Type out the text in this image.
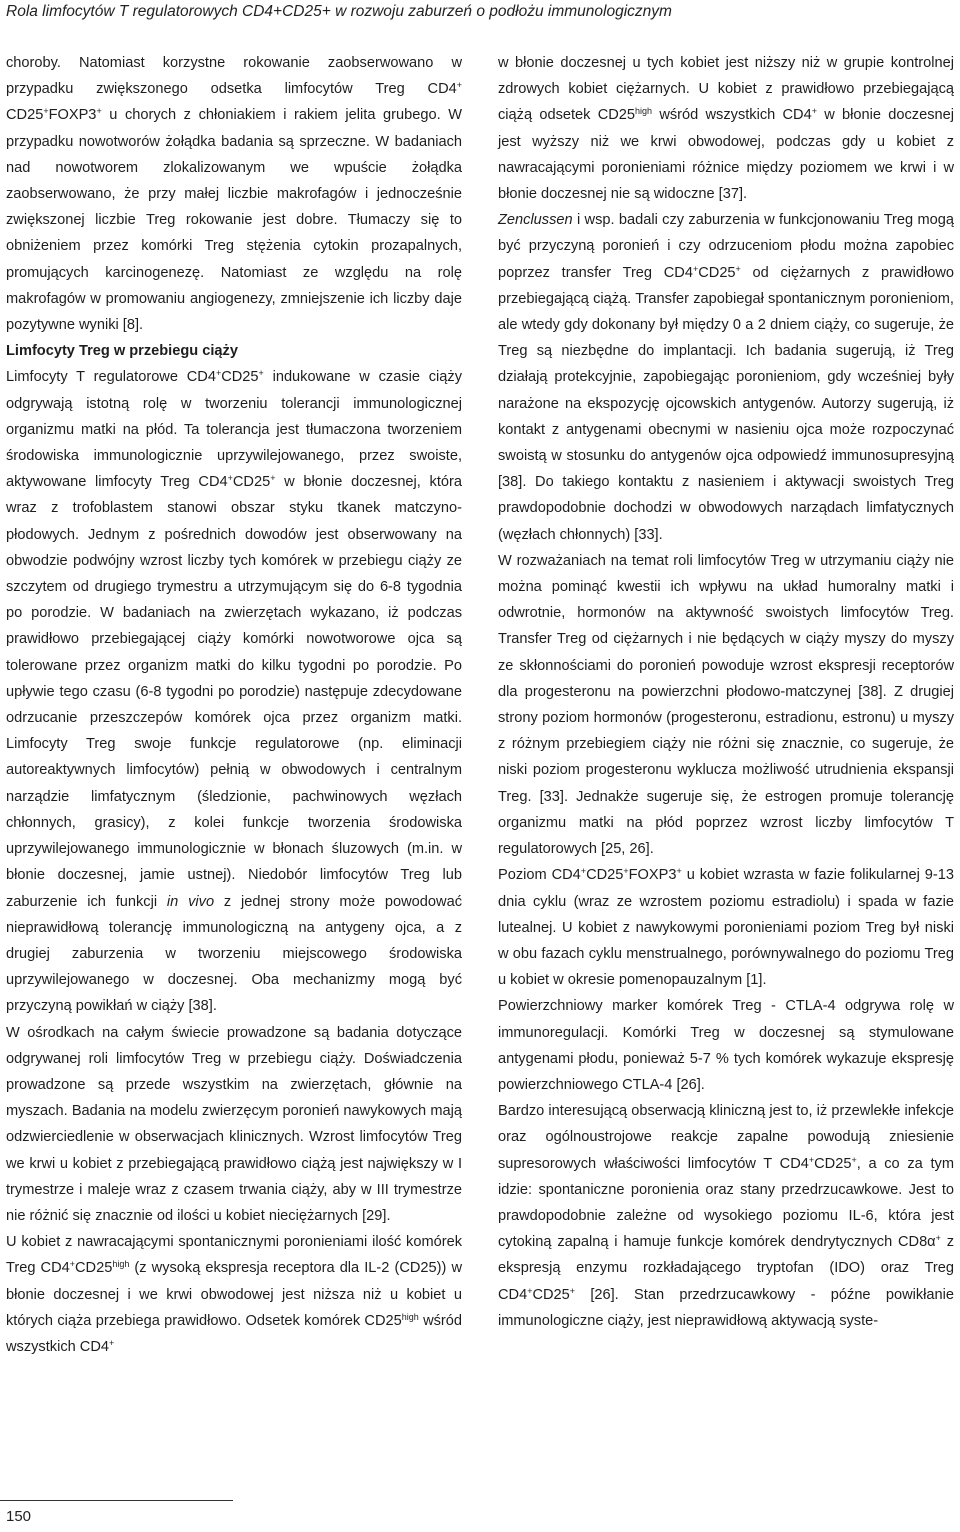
Rola limfocytów T regulatorowych CD4+CD25+ w rozwoju zaburzeń o podłożu immunologicznym

choroby. Natomiast korzystne rokowanie zaobserwowano w przypadku zwiększonego odsetka limfocytów Treg CD4+ CD25+FOXP3+ u chorych z chłoniakiem i rakiem jelita grubego. W przypadku nowotworów żołądka badania są sprzeczne. W badaniach nad nowotworem zlokalizowanym we wpuście żołądka zaobserwowano, że przy małej liczbie makrofagów i jednocześnie zwiększonej liczbie Treg rokowanie jest dobre. Tłumaczy się to obniżeniem przez komórki Treg stężenia cytokin prozapalnych, promujących karcinogenezę. Natomiast ze względu na rolę makrofagów w promowaniu angiogenezy, zmniejszenie ich liczby daje pozytywne wyniki [8].

Limfocyty Treg w przebiegu ciąży

Limfocyty T regulatorowe CD4+CD25+ indukowane w czasie ciąży odgrywają istotną rolę w tworzeniu tolerancji immunologicznej organizmu matki na płód. Ta tolerancja jest tłumaczona tworzeniem środowiska immunologicznie uprzywilejowanego, przez swoiste, aktywowane limfocyty Treg CD4+CD25+ w błonie doczesnej, która wraz z trofoblastem stanowi obszar styku tkanek matczyno-płodowych. Jednym z pośrednich dowodów jest obserwowany na obwodzie podwójny wzrost liczby tych komórek w przebiegu ciąży ze szczytem od drugiego trymestru a utrzymującym się do 6-8 tygodnia po porodzie. W badaniach na zwierzętach wykazano, iż podczas prawidłowo przebiegającej ciąży komórki nowotworowe ojca są tolerowane przez organizm matki do kilku tygodni po porodzie. Po upływie tego czasu (6-8 tygodni po porodzie) następuje zdecydowane odrzucanie przeszczepów komórek ojca przez organizm matki. Limfocyty Treg swoje funkcje regulatorowe (np. eliminacji autoreaktywnych limfocytów) pełnią w obwodowych i centralnym narządzie limfatycznym (śledzionie, pachwinowych węzłach chłonnych, grasicy), z kolei funkcje tworzenia środowiska uprzywilejowanego immunologicznie w błonach śluzowych (m.in. w błonie doczesnej, jamie ustnej). Niedobór limfocytów Treg lub zaburzenie ich funkcji in vivo z jednej strony może powodować nieprawidłową tolerancję immunologiczną na antygeny ojca, a z drugiej zaburzenia w tworzeniu miejscowego środowiska uprzywilejowanego w doczesnej. Oba mechanizmy mogą być przyczyną powikłań w ciąży [38].

W ośrodkach na całym świecie prowadzone są badania dotyczące odgrywanej roli limfocytów Treg w przebiegu ciąży. Doświadczenia prowadzone są przede wszystkim na zwierzętach, głównie na myszach. Badania na modelu zwierzęcym poronień nawykowych mają odzwierciedlenie w obserwacjach klinicznych. Wzrost limfocytów Treg we krwi u kobiet z przebiegającą prawidłowo ciążą jest największy w I trymestrze i maleje wraz z czasem trwania ciąży, aby w III trymestrze nie różnić się znacznie od ilości u kobiet nieciężarnych [29].

U kobiet z nawracającymi spontanicznymi poronieniami ilość komórek Treg $CD4^+CD25^{high}$ (z wysoką ekspresja receptora dla IL-2 (CD25)) w błonie doczesnej i we krwi obwodowej jest niższa niż u kobiet u których ciąża przebiega prawidłowo. Odsetek komórek $CD25^{high}$ wśród wszystkich CD4+

w błonie doczesnej u tych kobiet jest niższy niż w grupie kontrolnej zdrowych kobiet ciężarnych. U kobiet z prawidłowo przebiegającą ciążą odsetek $CD25^{high}$ wśród wszystkich CD4+ w błonie doczesnej jest wyższy niż we krwi obwodowej, podczas gdy u kobiet z nawracającymi poronieniami różnice między poziomem we krwi i w błonie doczesnej nie są widoczne [37].

Zenclussen i wsp. badali czy zaburzenia w funkcjonowaniu Treg mogą być przyczyną poronień i czy odrzuceniom płodu można zapobiec poprzez transfer Treg CD4+CD25+ od ciężarnych z prawidłowo przebiegającą ciążą. Transfer zapobiegał spontanicznym poronieniom, ale wtedy gdy dokonany był między 0 a 2 dniem ciąży, co sugeruje, że Treg są niezbędne do implantacji. Ich badania sugerują, iż Treg działają protekcyjnie, zapobiegając poronieniom, gdy wcześniej były narażone na ekspozycję ojcowskich antygenów. Autorzy sugerują, iż kontakt z antygenami obecnymi w nasieniu ojca może rozpoczynać swoistą w stosunku do antygenów ojca odpowiedź immunosupresyjną [38]. Do takiego kontaktu z nasieniem i aktywacji swoistych Treg prawdopodobnie dochodzi w obwodowych narządach limfatycznych (węzłach chłonnych) [33].

W rozważaniach na temat roli limfocytów Treg w utrzymaniu ciąży nie można pominąć kwestii ich wpływu na układ humoralny matki i odwrotnie, hormonów na aktywność swoistych limfocytów Treg. Transfer Treg od ciężarnych i nie będących w ciąży myszy do myszy ze skłonnościami do poronień powoduje wzrost ekspresji receptorów dla progesteronu na powierzchni płodowo-matczynej [38]. Z drugiej strony poziom hormonów (progesteronu, estradionu, estronu) u myszy z różnym przebiegiem ciąży nie różni się znacznie, co sugeruje, że niski poziom progesteronu wyklucza możliwość utrudnienia ekspansji Treg. [33]. Jednakże sugeruje się, że estrogen promuje tolerancję organizmu matki na płód poprzez wzrost liczby limfocytów T regulatorowych [25, 26].

Poziom CD4+CD25+FOXP3+ u kobiet wzrasta w fazie folikularnej 9-13 dnia cyklu (wraz ze wzrostem poziomu estradiolu) i spada w fazie lutealnej. U kobiet z nawykowymi poronieniami poziom Treg był niski w obu fazach cyklu menstrualnego, porównywalnego do poziomu Treg u kobiet w okresie pomenopauzalnym [1].

Powierzchniowy marker komórek Treg - CTLA-4 odgrywa rolę w immunoregulacji. Komórki Treg w doczesnej są stymulowane antygenami płodu, ponieważ 5-7 % tych komórek wykazuje ekspresję powierzchniowego CTLA-4 [26].

Bardzo interesującą obserwacją kliniczną jest to, iż przewlekłe infekcje oraz ogólnoustrojowe reakcje zapalne powodują zniesienie supresorowych właściwości limfocytów T CD4+CD25+, a co za tym idzie: spontaniczne poronienia oraz stany przedrzucawkowe. Jest to prawdopodobnie zależne od wysokiego poziomu IL-6, która jest cytokiną zapalną i hamuje funkcje komórek dendrytycznych CD8α+ z ekspresją enzymu rozkładającego tryptofan (IDO) oraz Treg CD4+CD25+ [26]. Stan przedrzucawkowy - późne powikłanie immunologiczne ciąży, jest nieprawidłową aktywacją syste-

150
